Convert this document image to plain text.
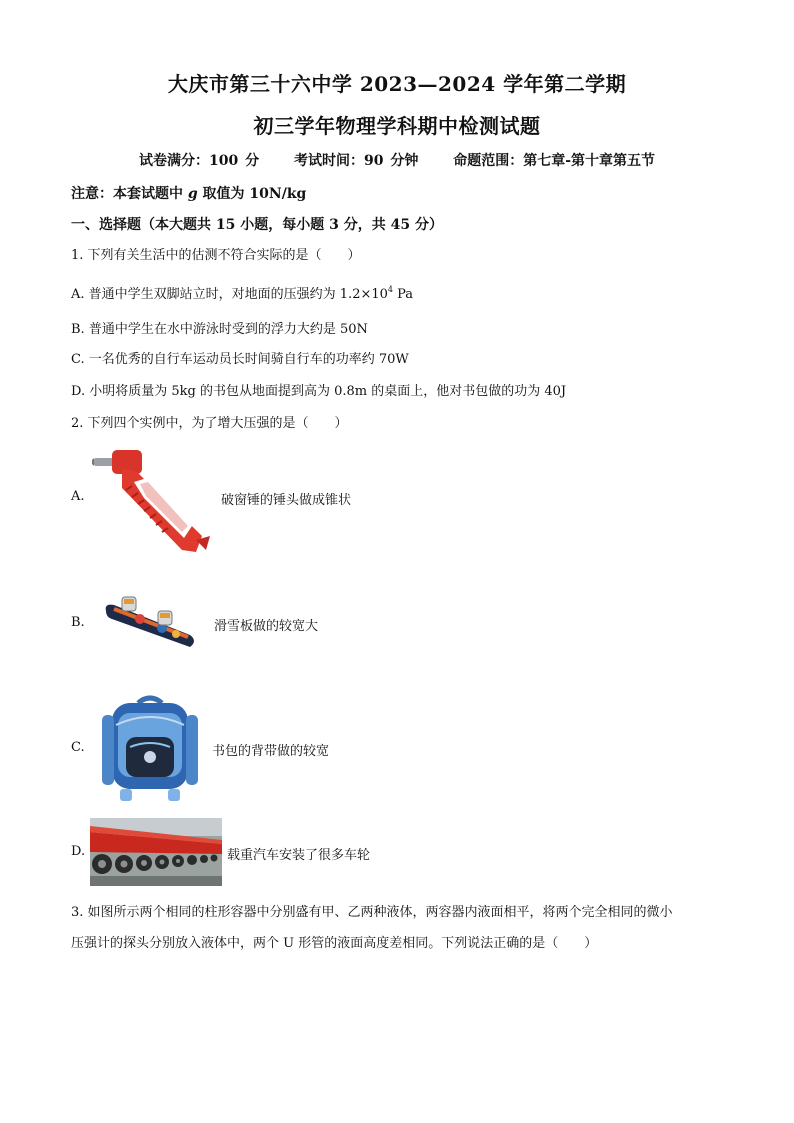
大庆市第三十六中学 2023—2024 学年第二学期
初三学年物理学科期中检测试题
试卷满分：100 分 考试时间：90 分钟 命题范围：第七章-第十章第五节
注意：本套试题中 g 取值为 10N/kg
一、选择题（本大题共 15 小题，每小题 3 分，共 45 分）
1. 下列有关生活中的估测不符合实际的是（　　）
A. 普通中学生双脚站立时，对地面的压强约为 $1.2\times 10^4$ Pa
B. 普通中学生在水中游泳时受到的浮力大约是 50N
C. 一名优秀的自行车运动员长时间骑自行车的功率约 70W
D. 小明将质量为 5kg 的书包从地面提到高为 0.8m 的桌面上，他对书包做的功为 40J
2. 下列四个实例中，为了增大压强的是（　　）
A.	破窗锤的锤头做成锥状
B.	滑雪板做的较宽大
C.	书包的背带做的较宽
D.	载重汽车安装了很多车轮
3. 如图所示两个相同的柱形容器中分别盛有甲、乙两种液体，两容器内液面相平，将两个完全相同的微小
压强计的探头分别放入液体中，两个 U 形管的液面高度差相同。下列说法正确的是（　　）
